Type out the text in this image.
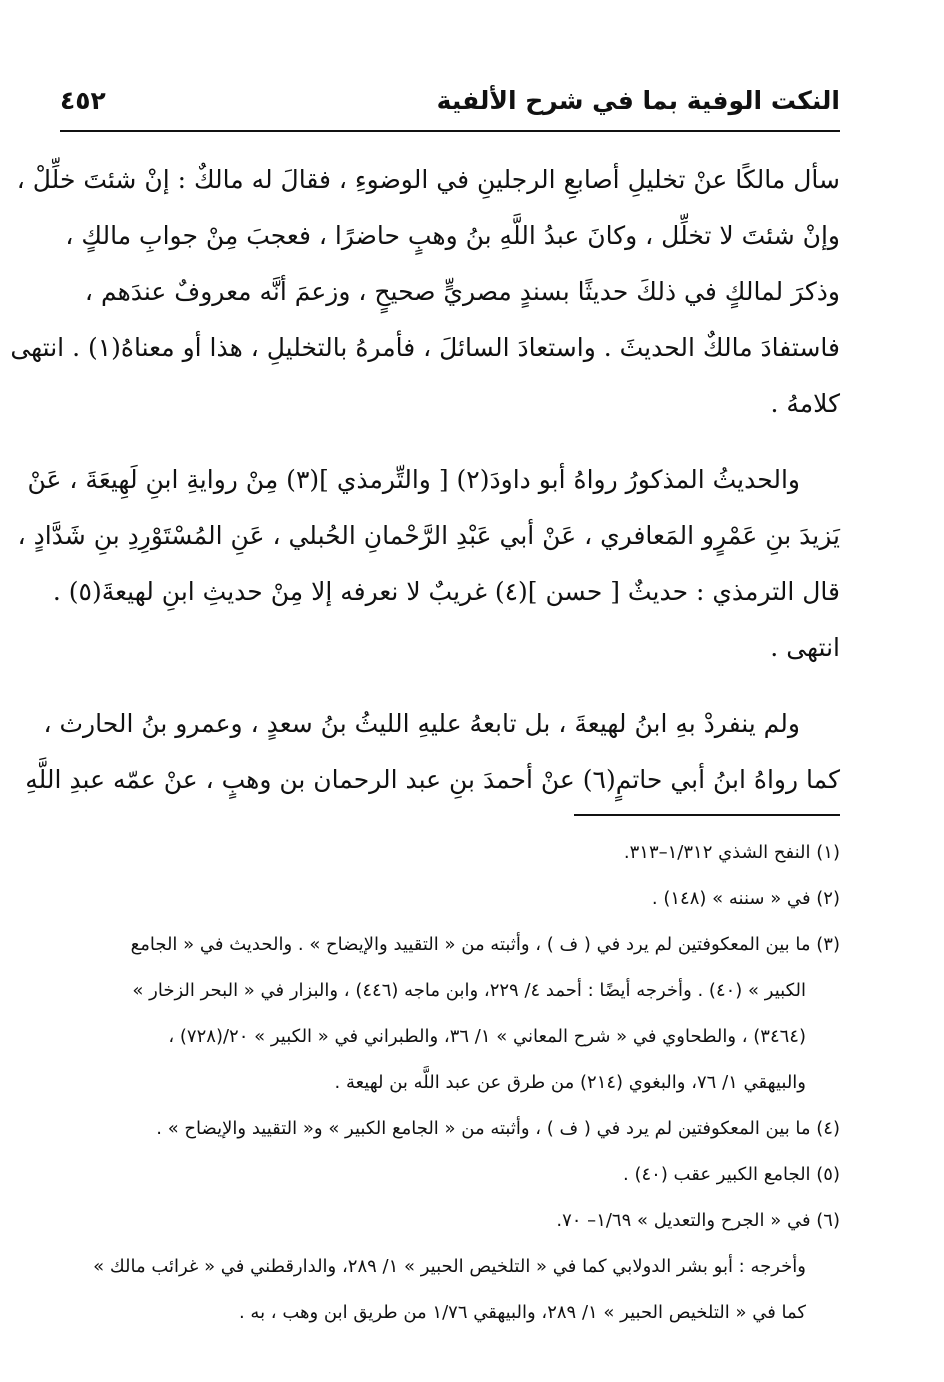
النكت الوفية بما في شرح الألفية
٤٥٢
سأل مالكًا عنْ تخليلِ أصابعِ الرجلينِ في الوضوءِ ، فقالَ له مالكٌ : إنْ شئتَ خلِّلْ ،
وإنْ شئتَ لا تخلِّل ، وكانَ عبدُ اللَّهِ بنُ وهبٍ حاضرًا ، فعجبَ مِنْ جوابِ مالكٍ ،
وذكرَ لمالكٍ في ذلكَ حديثًا بسندٍ مصريٍّ صحيحٍ ، وزعمَ أنَّه معروفٌ عندَهم ،
فاستفادَ مالكٌ الحديثَ . واستعادَ السائلَ ، فأمرهُ بالتخليلِ ، هذا أو معناهُ(١) . انتهى
كلامهُ .
والحديثُ المذكورُ رواهُ أبو داودَ(٢) [ والتِّرمذي ](٣) مِنْ روايةِ ابنِ لَهِيعَةَ ، عَنْ
يَزيدَ بنِ عَمْرٍو المَعافري ، عَنْ أبي عَبْدِ الرَّحْمانِ الحُبلي ، عَنِ المُسْتَوْرِدِ بنِ شَدَّادٍ ،
قال الترمذي : حديثٌ [ حسن ](٤) غريبٌ لا نعرفه إلا مِنْ حديثِ ابنِ لهيعةَ(٥) .
انتهى .
ولم ينفردْ بهِ ابنُ لهيعةَ ، بل تابعهُ عليهِ الليثُ بنُ سعدٍ ، وعمرو بنُ الحارث ،
كما رواهُ ابنُ أبي حاتمٍ(٦) عنْ أحمدَ بنِ عبد الرحمان بن وهبٍ ، عنْ عمّه عبدِ اللَّهِ
(١) النفح الشذي ١/٣١٢–٣١٣.
(٢) في « سننه » (١٤٨) .
(٣) ما بين المعكوفتين لم يرد في ( ف ) ، وأثبته من « التقييد والإيضاح » . والحديث في « الجامع
الكبير » (٤٠) . وأخرجه أيضًا : أحمد ٤/ ٢٢٩، وابن ماجه (٤٤٦) ، والبزار في « البحر الزخار »
(٣٤٦٤) ، والطحاوي في « شرح المعاني » ١/ ٣٦، والطبراني في « الكبير » ٢٠/(٧٢٨) ،
والبيهقي ١/ ٧٦، والبغوي (٢١٤) من طرق عن عبد اللَّه بن لهيعة .
(٤) ما بين المعكوفتين لم يرد في ( ف ) ، وأثبته من « الجامع الكبير » و« التقييد والإيضاح » .
(٥) الجامع الكبير عقب (٤٠) .
(٦) في « الجرح والتعديل » ١/٦٩– ٧٠.
وأخرجه : أبو بشر الدولابي كما في « التلخيص الحبير » ١/ ٢٨٩، والدارقطني في « غرائب مالك »
كما في « التلخيص الحبير » ١/ ٢٨٩، والبيهقي ١/٧٦ من طريق ابن وهب ، به .
